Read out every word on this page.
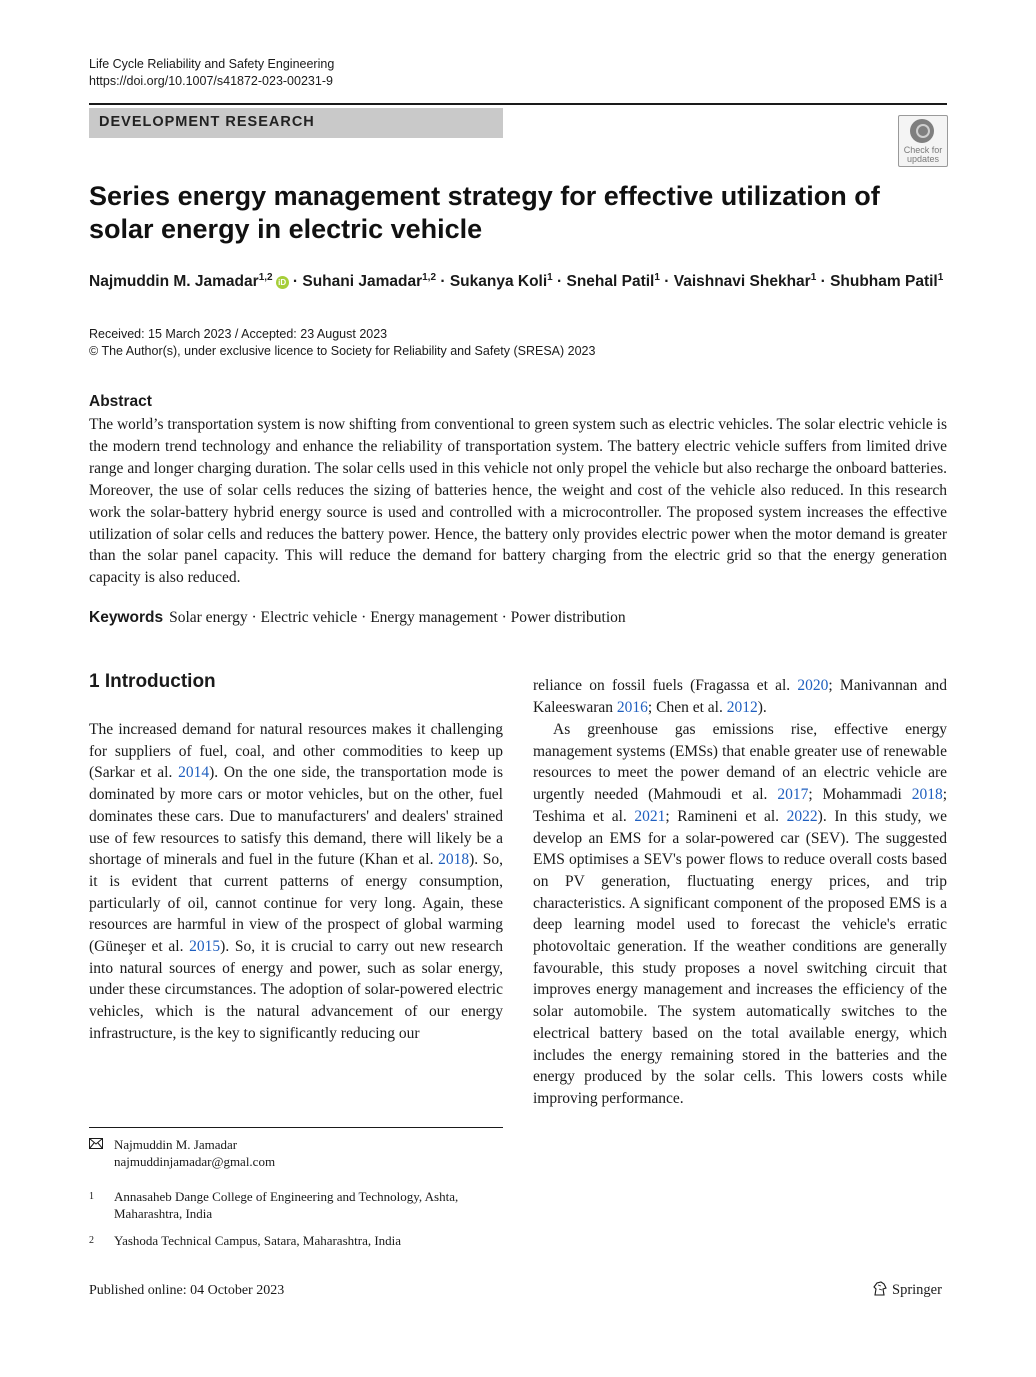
Life Cycle Reliability and Safety Engineering
https://doi.org/10.1007/s41872-023-00231-9
DEVELOPMENT RESEARCH
Check for
updates
Series energy management strategy for effective utilization of solar energy in electric vehicle
Najmuddin M. Jamadar$^{1,2}$ iD · Suhani Jamadar$^{1,2}$ · Sukanya Koli$^1$ · Snehal Patil$^1$ · Vaishnavi Shekhar$^1$ · Shubham Patil$^1$
Received: 15 March 2023 / Accepted: 23 August 2023
© The Author(s), under exclusive licence to Society for Reliability and Safety (SRESA) 2023
Abstract
The world’s transportation system is now shifting from conventional to green system such as electric vehicles. The solar electric vehicle is the modern trend technology and enhance the reliability of transportation system. The battery electric vehicle suffers from limited drive range and longer charging duration. The solar cells used in this vehicle not only propel the vehicle but also recharge the onboard batteries. Moreover, the use of solar cells reduces the sizing of batteries hence, the weight and cost of the vehicle also reduced. In this research work the solar-battery hybrid energy source is used and controlled with a microcontroller. The proposed system increases the effective utilization of solar cells and reduces the battery power. Hence, the battery only provides electric power when the motor demand is greater than the solar panel capacity. This will reduce the demand for battery charging from the electric grid so that the energy generation capacity is also reduced.
Keywords Solar energy · Electric vehicle · Energy management · Power distribution
1 Introduction
The increased demand for natural resources makes it challenging for suppliers of fuel, coal, and other commodities to keep up (Sarkar et al. 2014). On the one side, the transportation mode is dominated by more cars or motor vehicles, but on the other, fuel dominates these cars. Due to manufacturers' and dealers' strained use of few resources to satisfy this demand, there will likely be a shortage of minerals and fuel in the future (Khan et al. 2018). So, it is evident that current patterns of energy consumption, particularly of oil, cannot continue for very long. Again, these resources are harmful in view of the prospect of global warming (Güneşer et al. 2015). So, it is crucial to carry out new research into natural sources of energy and power, such as solar energy, under these circumstances. The adoption of solar-powered electric vehicles, which is the natural advancement of our energy infrastructure, is the key to significantly reducing our
reliance on fossil fuels (Fragassa et al. 2020; Manivannan and Kaleeswaran 2016; Chen et al. 2012).
As greenhouse gas emissions rise, effective energy management systems (EMSs) that enable greater use of renewable resources to meet the power demand of an electric vehicle are urgently needed (Mahmoudi et al. 2017; Mohammadi 2018; Teshima et al. 2021; Ramineni et al. 2022). In this study, we develop an EMS for a solar-powered car (SEV). The suggested EMS optimises a SEV's power flows to reduce overall costs based on PV generation, fluctuating energy prices, and trip characteristics. A significant component of the proposed EMS is a deep learning model used to forecast the vehicle's erratic photovoltaic generation. If the weather conditions are generally favourable, this study proposes a novel switching circuit that improves energy management and increases the efficiency of the solar automobile. The system automatically switches to the electrical battery based on the total available energy, which includes the energy remaining stored in the batteries and the energy produced by the solar cells. This lowers costs while improving performance.
Najmuddin M. Jamadar
najmuddinjamadar@gmal.com
1 Annasaheb Dange College of Engineering and Technology, Ashta, Maharashtra, India
2 Yashoda Technical Campus, Satara, Maharashtra, India
Published online: 04 October 2023	Springer
